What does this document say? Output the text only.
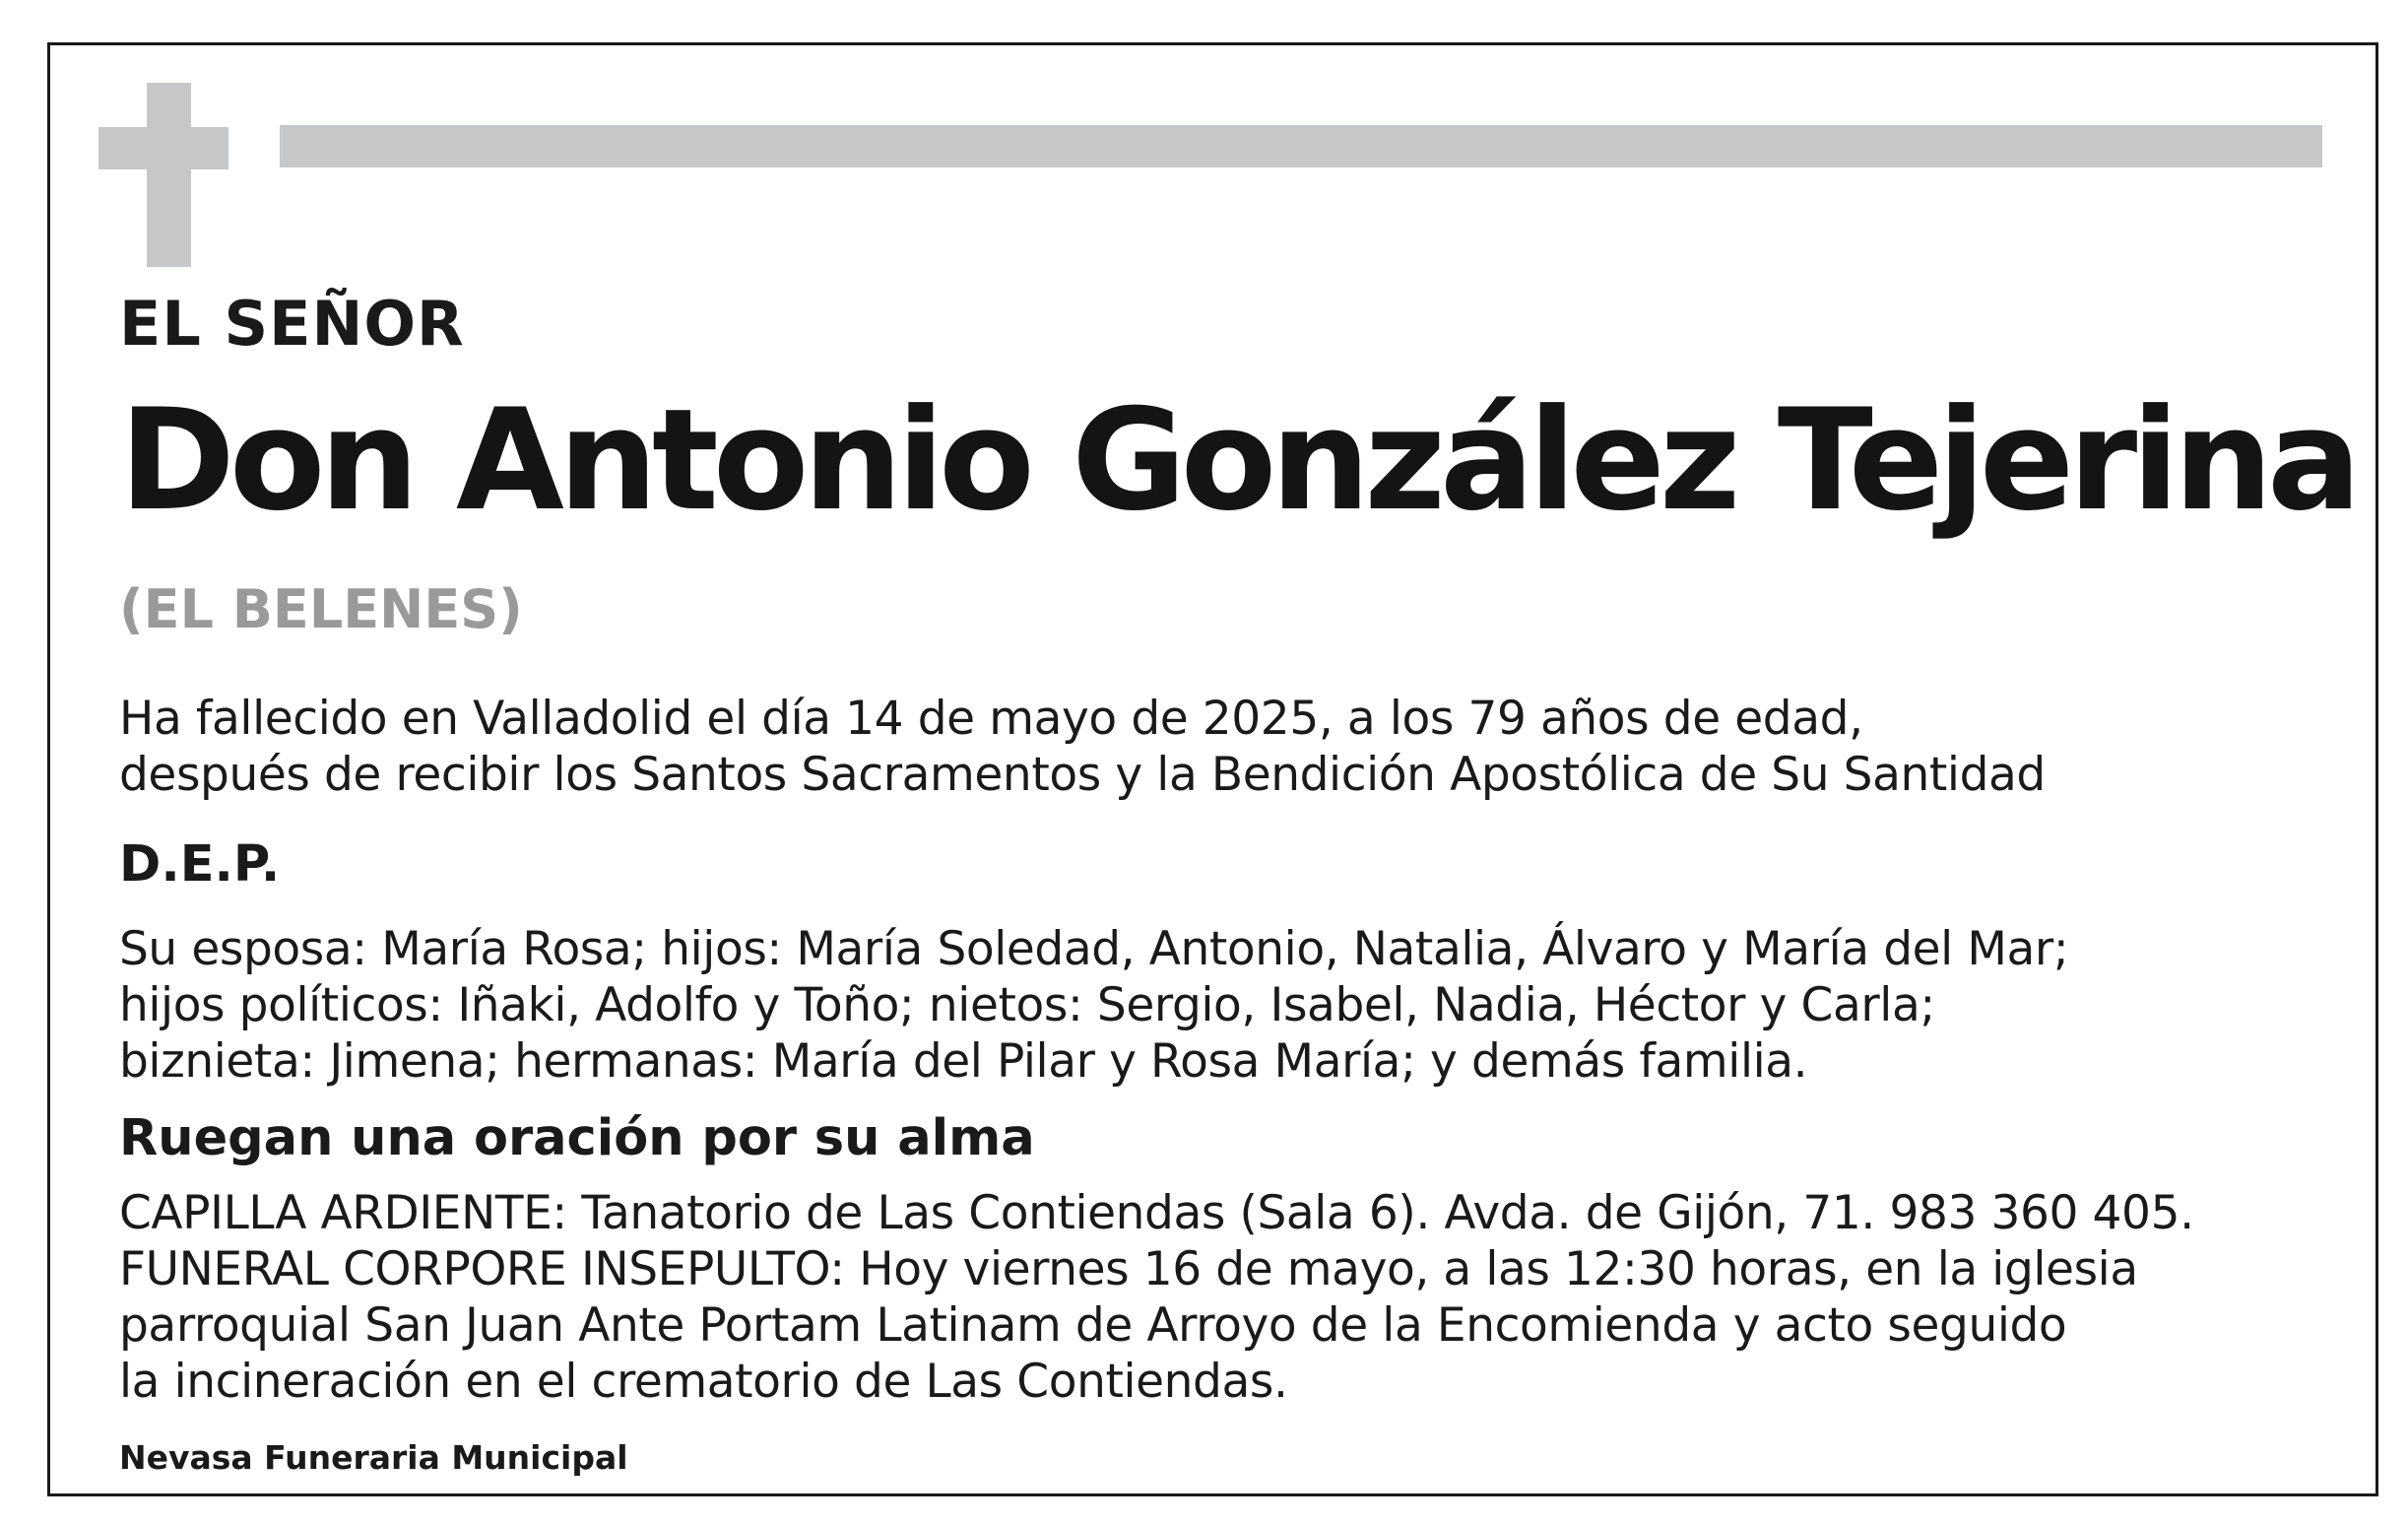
EL SEÑOR

Don Antonio González Tejerina

(EL BELENES)

Ha fallecido en Valladolid el día 14 de mayo de 2025, a los 79 años de edad,
después de recibir los Santos Sacramentos y la Bendición Apostólica de Su Santidad

D.E.P.

Su esposa: María Rosa; hijos: María Soledad, Antonio, Natalia, Álvaro y María del Mar;
hijos políticos: Iñaki, Adolfo y Toño; nietos: Sergio, Isabel, Nadia, Héctor y Carla;
biznieta: Jimena; hermanas: María del Pilar y Rosa María; y demás familia.

Ruegan una oración por su alma

CAPILLA ARDIENTE: Tanatorio de Las Contiendas (Sala 6). Avda. de Gijón, 71. 983 360 405.
FUNERAL CORPORE INSEPULTO: Hoy viernes 16 de mayo, a las 12:30 horas, en la iglesia
parroquial San Juan Ante Portam Latinam de Arroyo de la Encomienda y acto seguido
la incineración en el crematorio de Las Contiendas.

Nevasa Funeraria Municipal
